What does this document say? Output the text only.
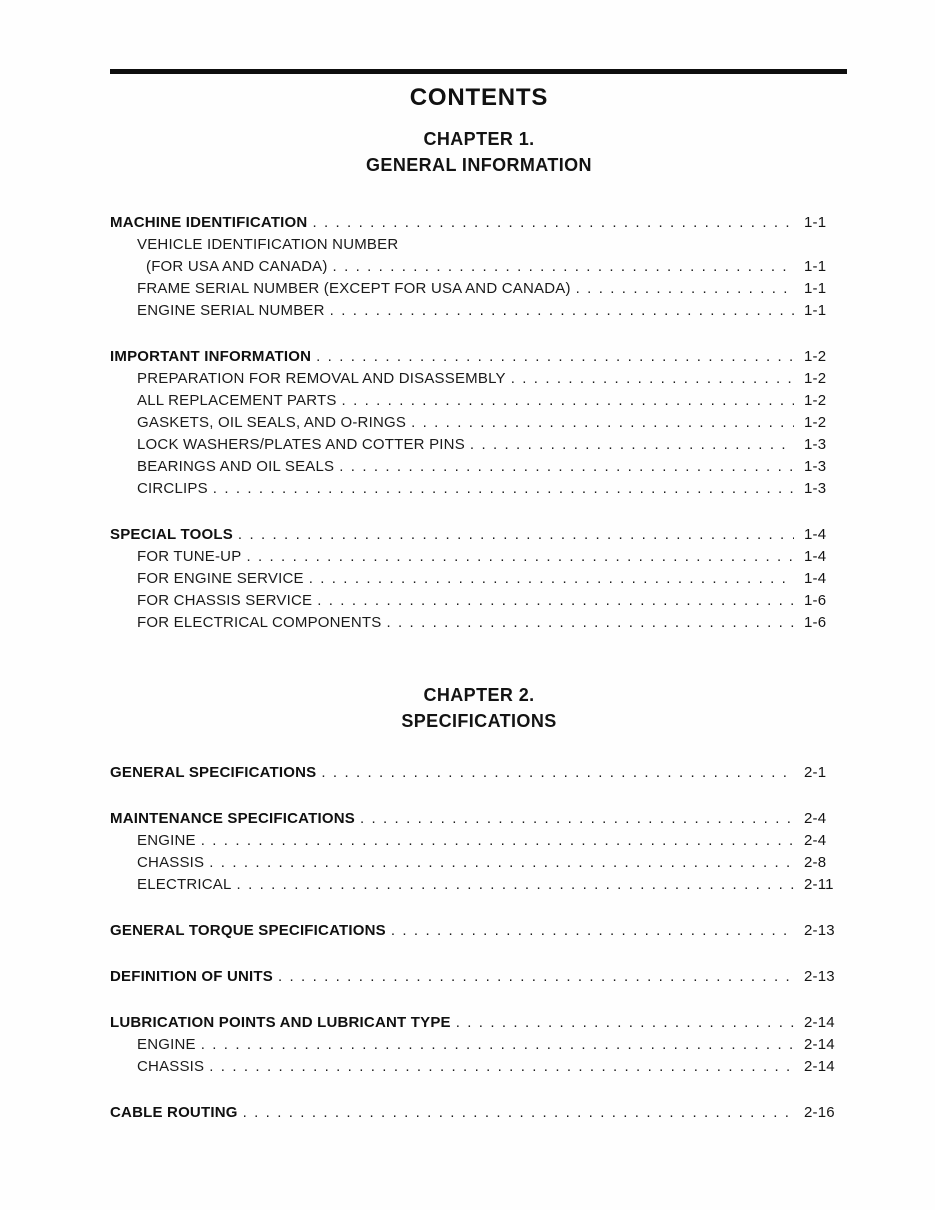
CONTENTS
CHAPTER 1.
GENERAL INFORMATION
MACHINE IDENTIFICATION . . .	1-1
VEHICLE IDENTIFICATION NUMBER
(FOR USA AND CANADA) . . .	1-1
FRAME SERIAL NUMBER (EXCEPT FOR USA AND CANADA) . . .	1-1
ENGINE SERIAL NUMBER . . .	1-1
IMPORTANT INFORMATION . . .	1-2
PREPARATION FOR REMOVAL AND DISASSEMBLY . . .	1-2
ALL REPLACEMENT PARTS . . .	1-2
GASKETS, OIL SEALS, AND O-RINGS . . .	1-2
LOCK WASHERS/PLATES AND COTTER PINS . . .	1-3
BEARINGS AND OIL SEALS . . .	1-3
CIRCLIPS . . .	1-3
SPECIAL TOOLS . . .	1-4
FOR TUNE-UP . . .	1-4
FOR ENGINE SERVICE . . .	1-4
FOR CHASSIS SERVICE . . .	1-6
FOR ELECTRICAL COMPONENTS . . .	1-6
CHAPTER 2.
SPECIFICATIONS
GENERAL SPECIFICATIONS . . .	2-1
MAINTENANCE SPECIFICATIONS . . .	2-4
ENGINE . . .	2-4
CHASSIS . . .	2-8
ELECTRICAL . . .	2-11
GENERAL TORQUE SPECIFICATIONS . . .	2-13
DEFINITION OF UNITS . . .	2-13
LUBRICATION POINTS AND LUBRICANT TYPE . . .	2-14
ENGINE . . .	2-14
CHASSIS . . .	2-14
CABLE ROUTING . . .	2-16
